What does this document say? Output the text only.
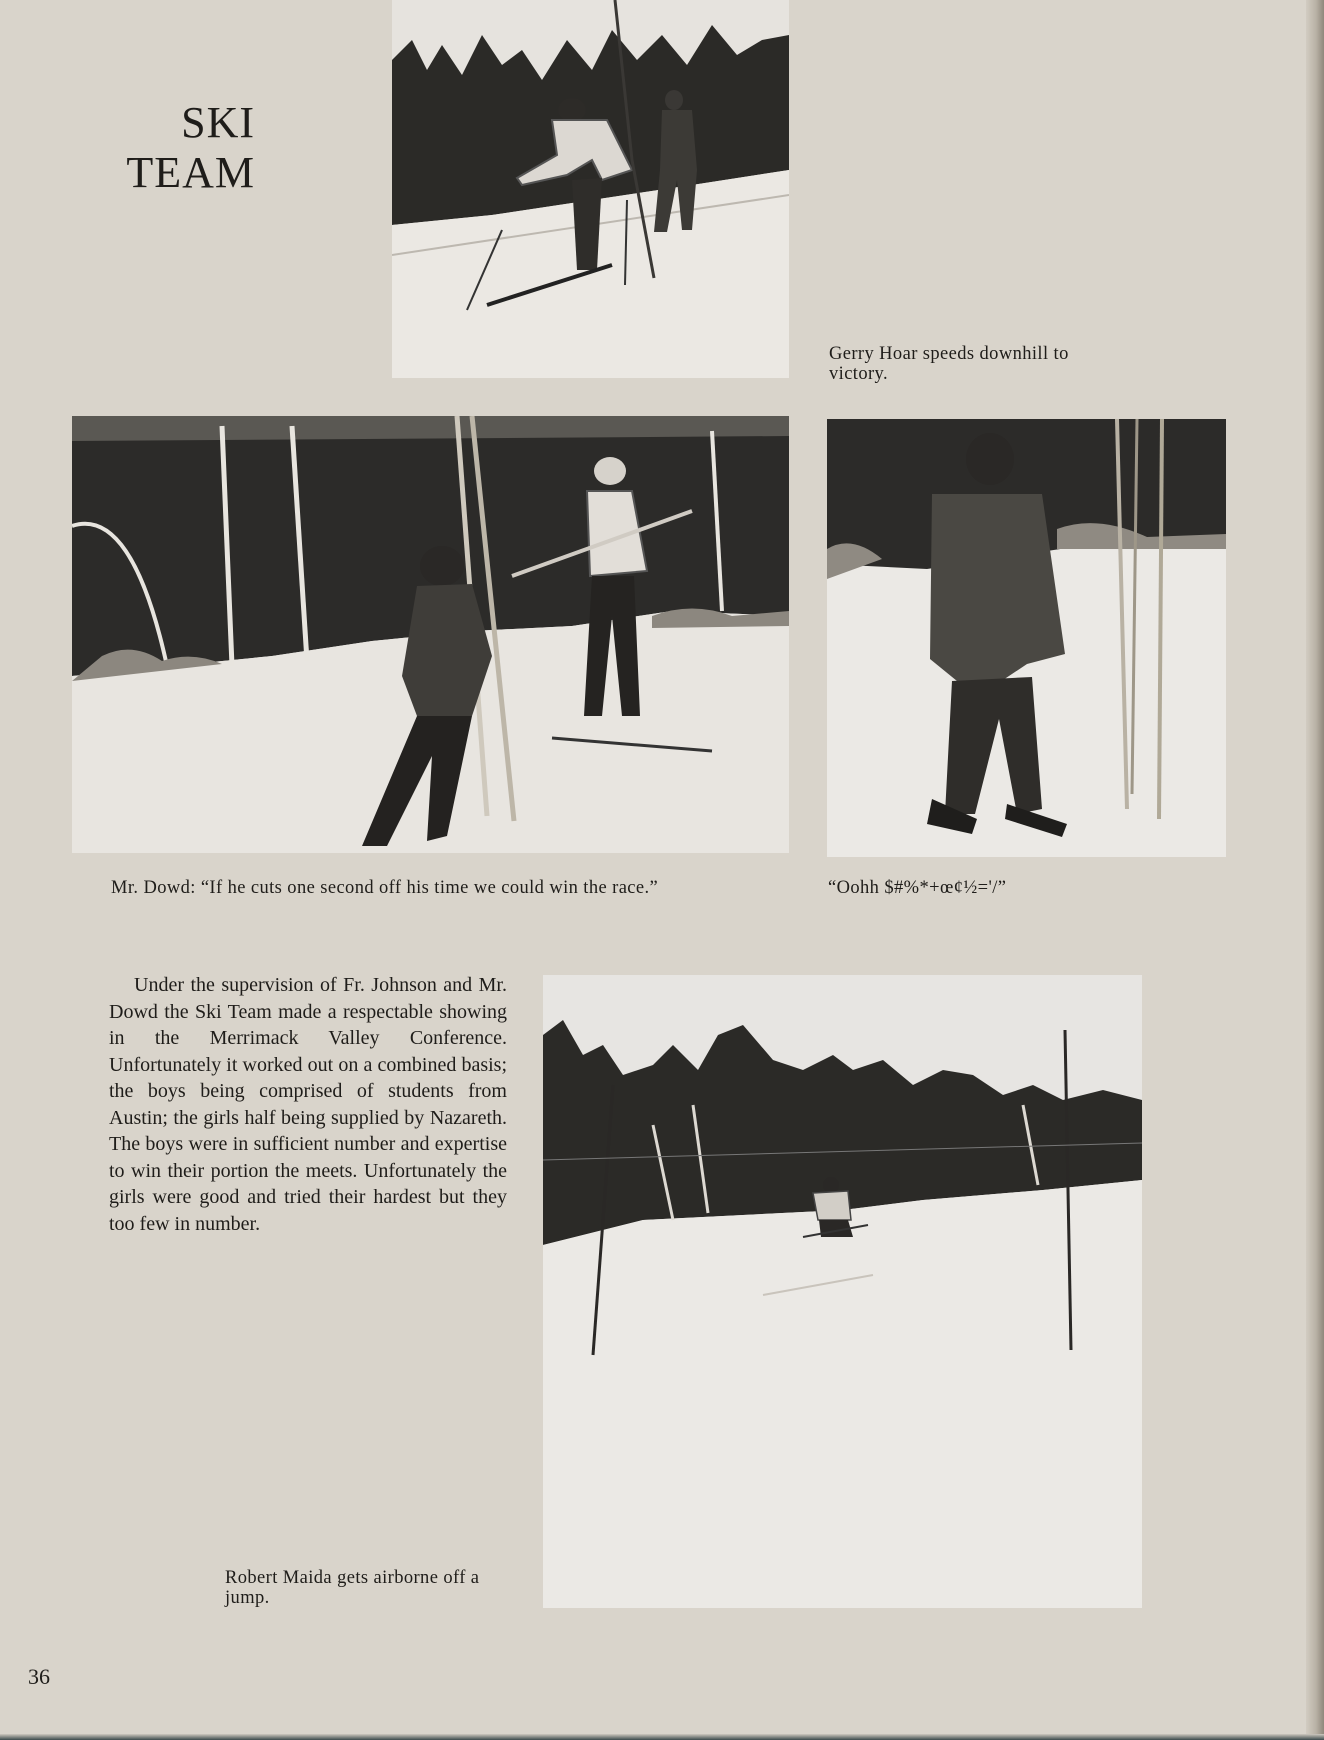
SKI
TEAM
Gerry Hoar speeds downhill to victory.
Mr. Dowd: “If he cuts one second off his time we could win the race.”	“Oohh $#%*+œ¢½='/”
Under the supervision of Fr. Johnson and Mr. Dowd the Ski Team made a respectable showing in the Merrimack Valley Conference. Unfortunately it worked out on a combined basis; the boys being comprised of students from Austin; the girls half being supplied by Nazareth. The boys were in sufficient number and expertise to win their portion the meets. Unfortunately the girls were good and tried their hardest but they too few in number.
Robert Maida gets airborne off a jump.
36
